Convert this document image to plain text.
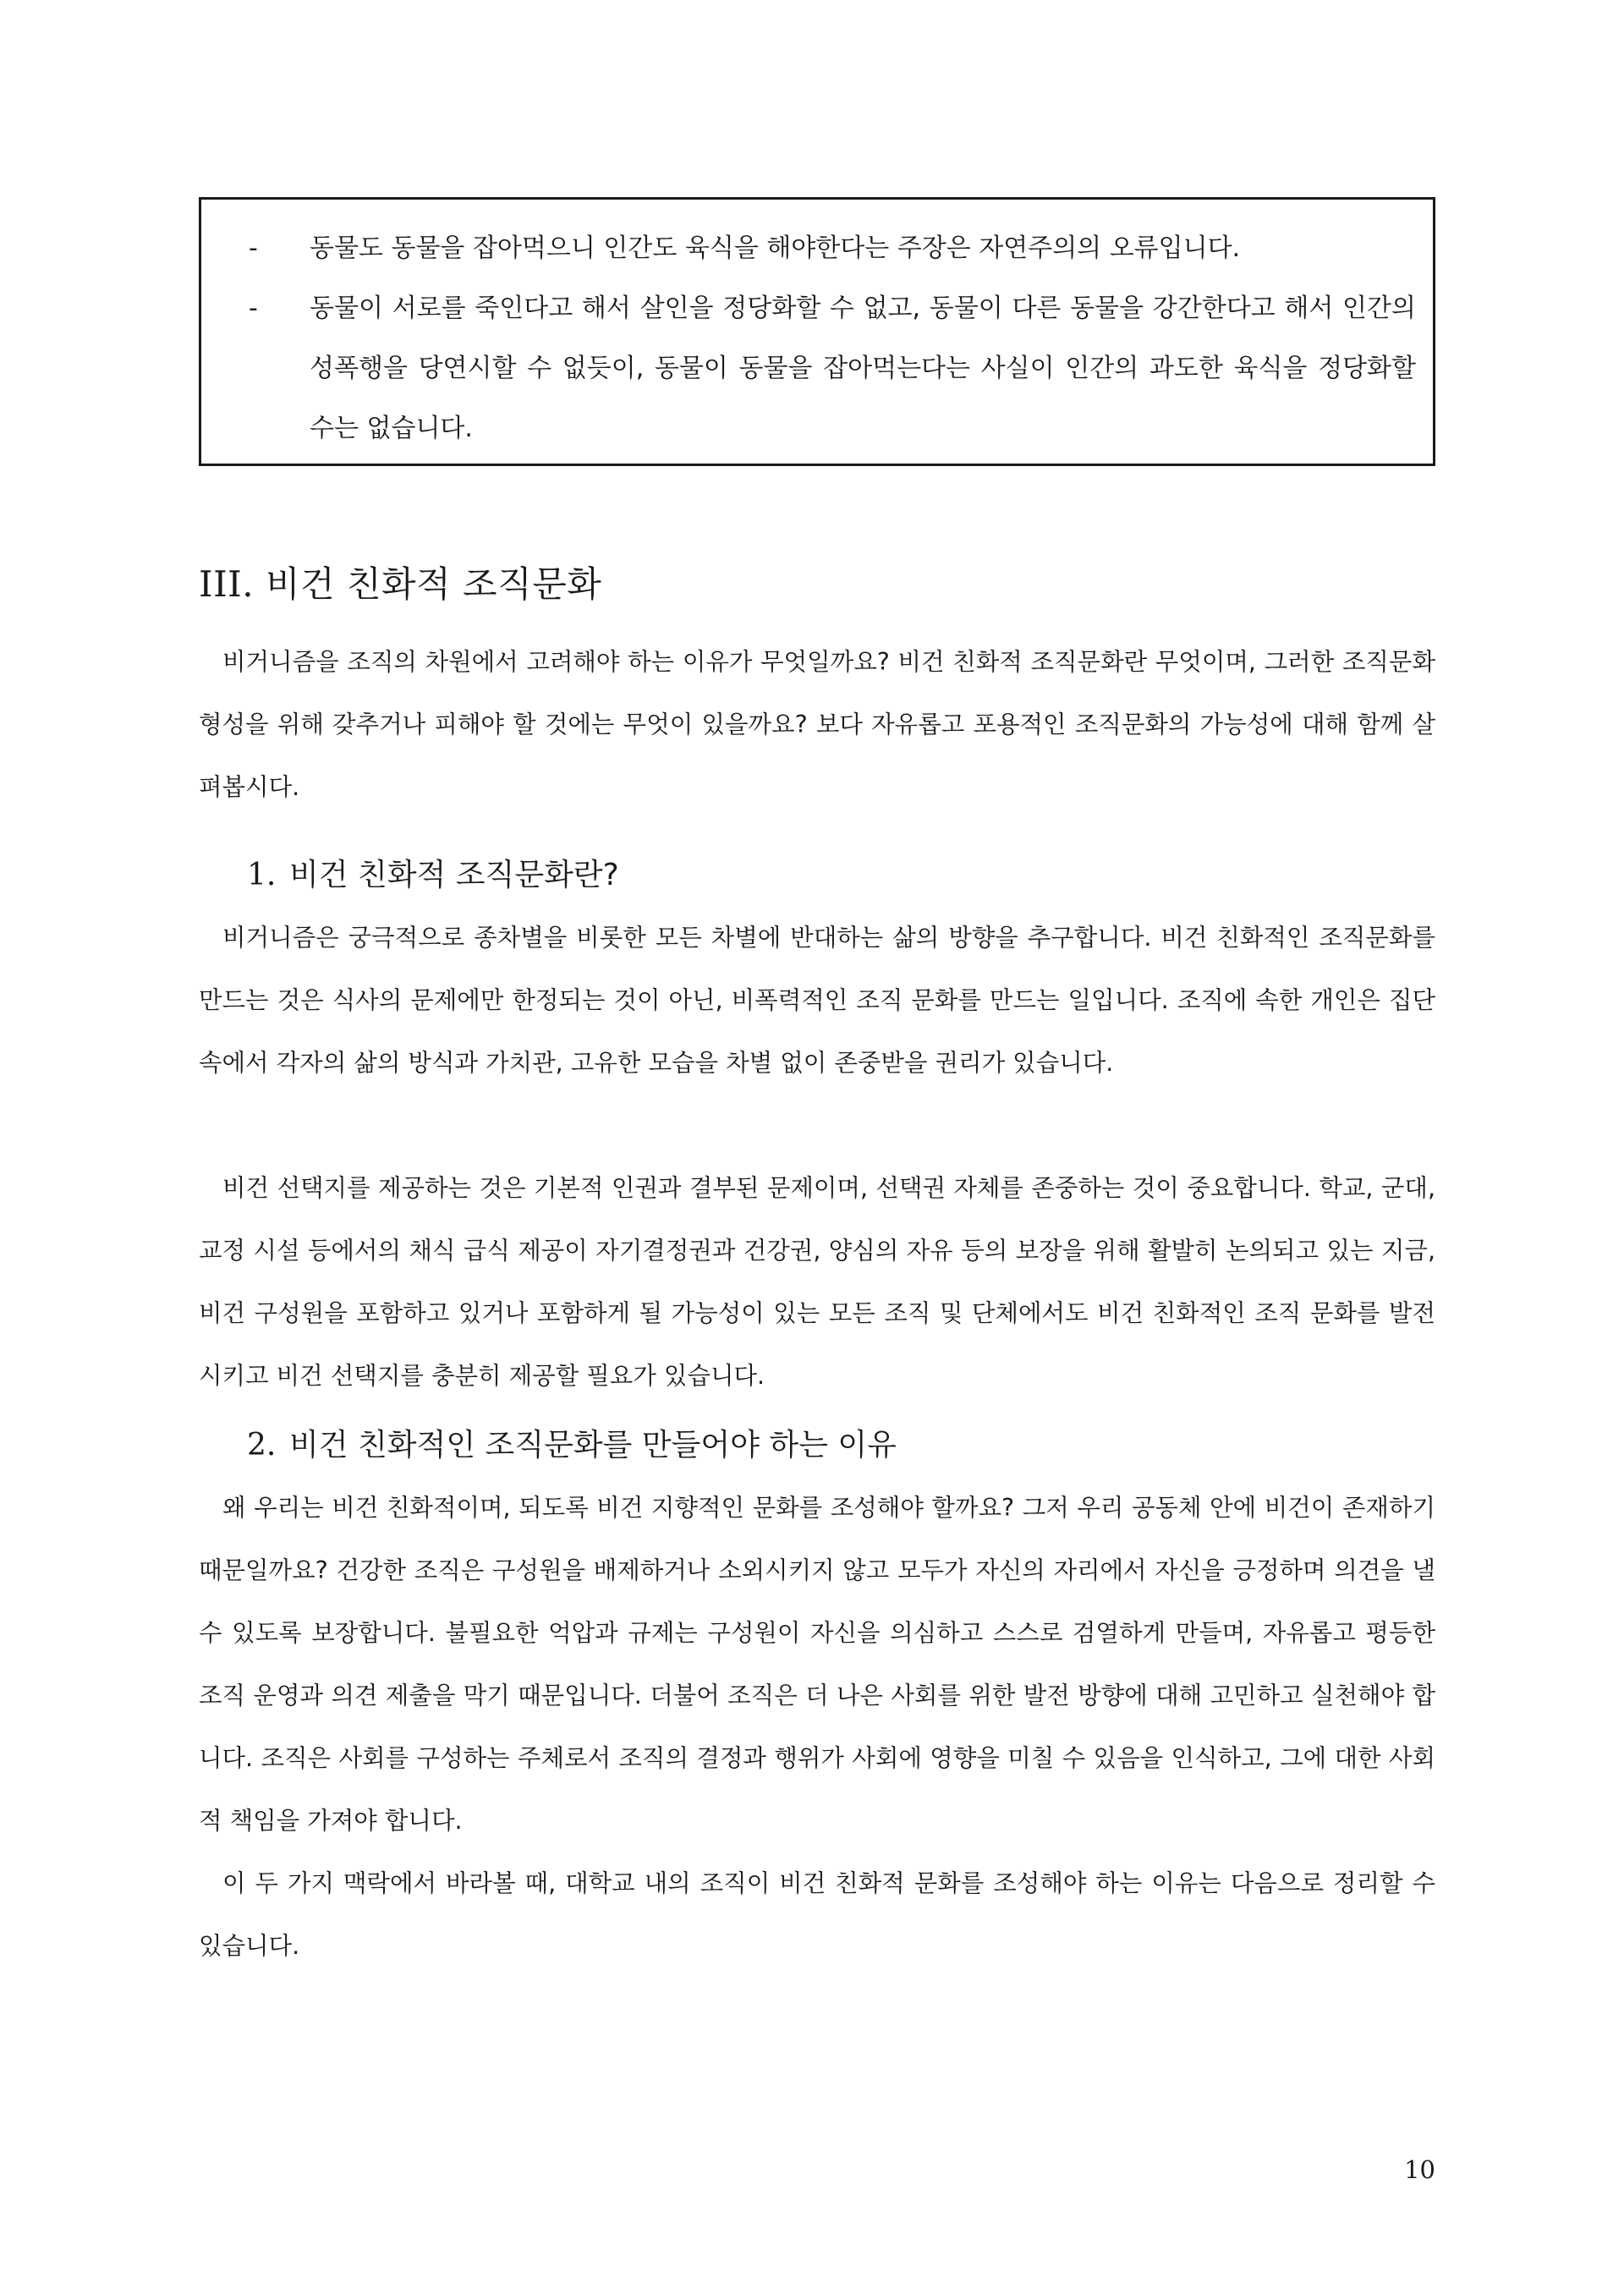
-	동물도 동물을 잡아먹으니 인간도 육식을 해야한다는 주장은 자연주의의 오류입니다.
-	동물이 서로를 죽인다고 해서 살인을 정당화할 수 없고, 동물이 다른 동물을 강간한다고 해서 인간의 성폭행을 당연시할 수 없듯이, 동물이 동물을 잡아먹는다는 사실이 인간의 과도한 육식을 정당화할 수는 없습니다.
III. 비건 친화적 조직문화

비거니즘을 조직의 차원에서 고려해야 하는 이유가 무엇일까요? 비건 친화적 조직문화란 무엇이며, 그러한 조직문화 형성을 위해 갖추거나 피해야 할 것에는 무엇이 있을까요? 보다 자유롭고 포용적인 조직문화의 가능성에 대해 함께 살펴봅시다.

1. 비건 친화적 조직문화란?

비거니즘은 궁극적으로 종차별을 비롯한 모든 차별에 반대하는 삶의 방향을 추구합니다. 비건 친화적인 조직문화를 만드는 것은 식사의 문제에만 한정되는 것이 아닌, 비폭력적인 조직 문화를 만드는 일입니다. 조직에 속한 개인은 집단 속에서 각자의 삶의 방식과 가치관, 고유한 모습을 차별 없이 존중받을 권리가 있습니다.

비건 선택지를 제공하는 것은 기본적 인권과 결부된 문제이며, 선택권 자체를 존중하는 것이 중요합니다. 학교, 군대, 교정 시설 등에서의 채식 급식 제공이 자기결정권과 건강권, 양심의 자유 등의 보장을 위해 활발히 논의되고 있는 지금, 비건 구성원을 포함하고 있거나 포함하게 될 가능성이 있는 모든 조직 및 단체에서도 비건 친화적인 조직 문화를 발전시키고 비건 선택지를 충분히 제공할 필요가 있습니다.

2. 비건 친화적인 조직문화를 만들어야 하는 이유

왜 우리는 비건 친화적이며, 되도록 비건 지향적인 문화를 조성해야 할까요? 그저 우리 공동체 안에 비건이 존재하기 때문일까요? 건강한 조직은 구성원을 배제하거나 소외시키지 않고 모두가 자신의 자리에서 자신을 긍정하며 의견을 낼 수 있도록 보장합니다. 불필요한 억압과 규제는 구성원이 자신을 의심하고 스스로 검열하게 만들며, 자유롭고 평등한 조직 운영과 의견 제출을 막기 때문입니다. 더불어 조직은 더 나은 사회를 위한 발전 방향에 대해 고민하고 실천해야 합니다. 조직은 사회를 구성하는 주체로서 조직의 결정과 행위가 사회에 영향을 미칠 수 있음을 인식하고, 그에 대한 사회적 책임을 가져야 합니다.

이 두 가지 맥락에서 바라볼 때, 대학교 내의 조직이 비건 친화적 문화를 조성해야 하는 이유는 다음으로 정리할 수 있습니다.

10
